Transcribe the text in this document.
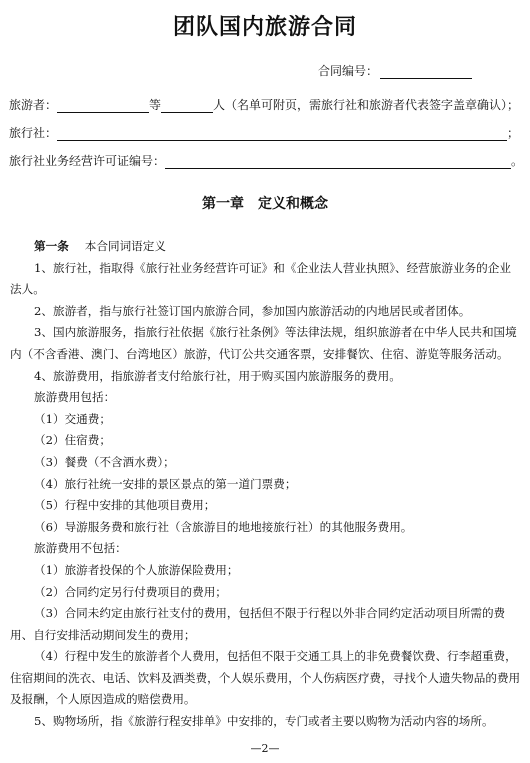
团队国内旅游合同
合同编号：
旅游者：	等	人（名单可附页，需旅行社和旅游者代表签字盖章确认）；
旅行社：	；
旅行社业务经营许可证编号：	。
第一章　定义和概念

第一条 本合同词语定义

1、旅行社，指取得《旅行社业务经营许可证》和《企业法人营业执照》、经营旅游业务的企业法人。

2、旅游者，指与旅行社签订国内旅游合同，参加国内旅游活动的内地居民或者团体。

3、国内旅游服务，指旅行社依据《旅行社条例》等法律法规，组织旅游者在中华人民共和国境内（不含香港、澳门、台湾地区）旅游，代订公共交通客票，安排餐饮、住宿、游览等服务活动。

4、旅游费用，指旅游者支付给旅行社，用于购买国内旅游服务的费用。

旅游费用包括：

（1）交通费；

（2）住宿费；

（3）餐费（不含酒水费）；

（4）旅行社统一安排的景区景点的第一道门票费；

（5）行程中安排的其他项目费用；

（6）导游服务费和旅行社（含旅游目的地地接旅行社）的其他服务费用。

旅游费用不包括：

（1）旅游者投保的个人旅游保险费用；

（2）合同约定另行付费项目的费用；

（3）合同未约定由旅行社支付的费用，包括但不限于行程以外非合同约定活动项目所需的费用、自行安排活动期间发生的费用；

（4）行程中发生的旅游者个人费用，包括但不限于交通工具上的非免费餐饮费、行李超重费，住宿期间的洗衣、电话、饮料及酒类费，个人娱乐费用，个人伤病医疗费，寻找个人遗失物品的费用及报酬，个人原因造成的赔偿费用。

5、购物场所，指《旅游行程安排单》中安排的，专门或者主要以购物为活动内容的场所。

—2—
